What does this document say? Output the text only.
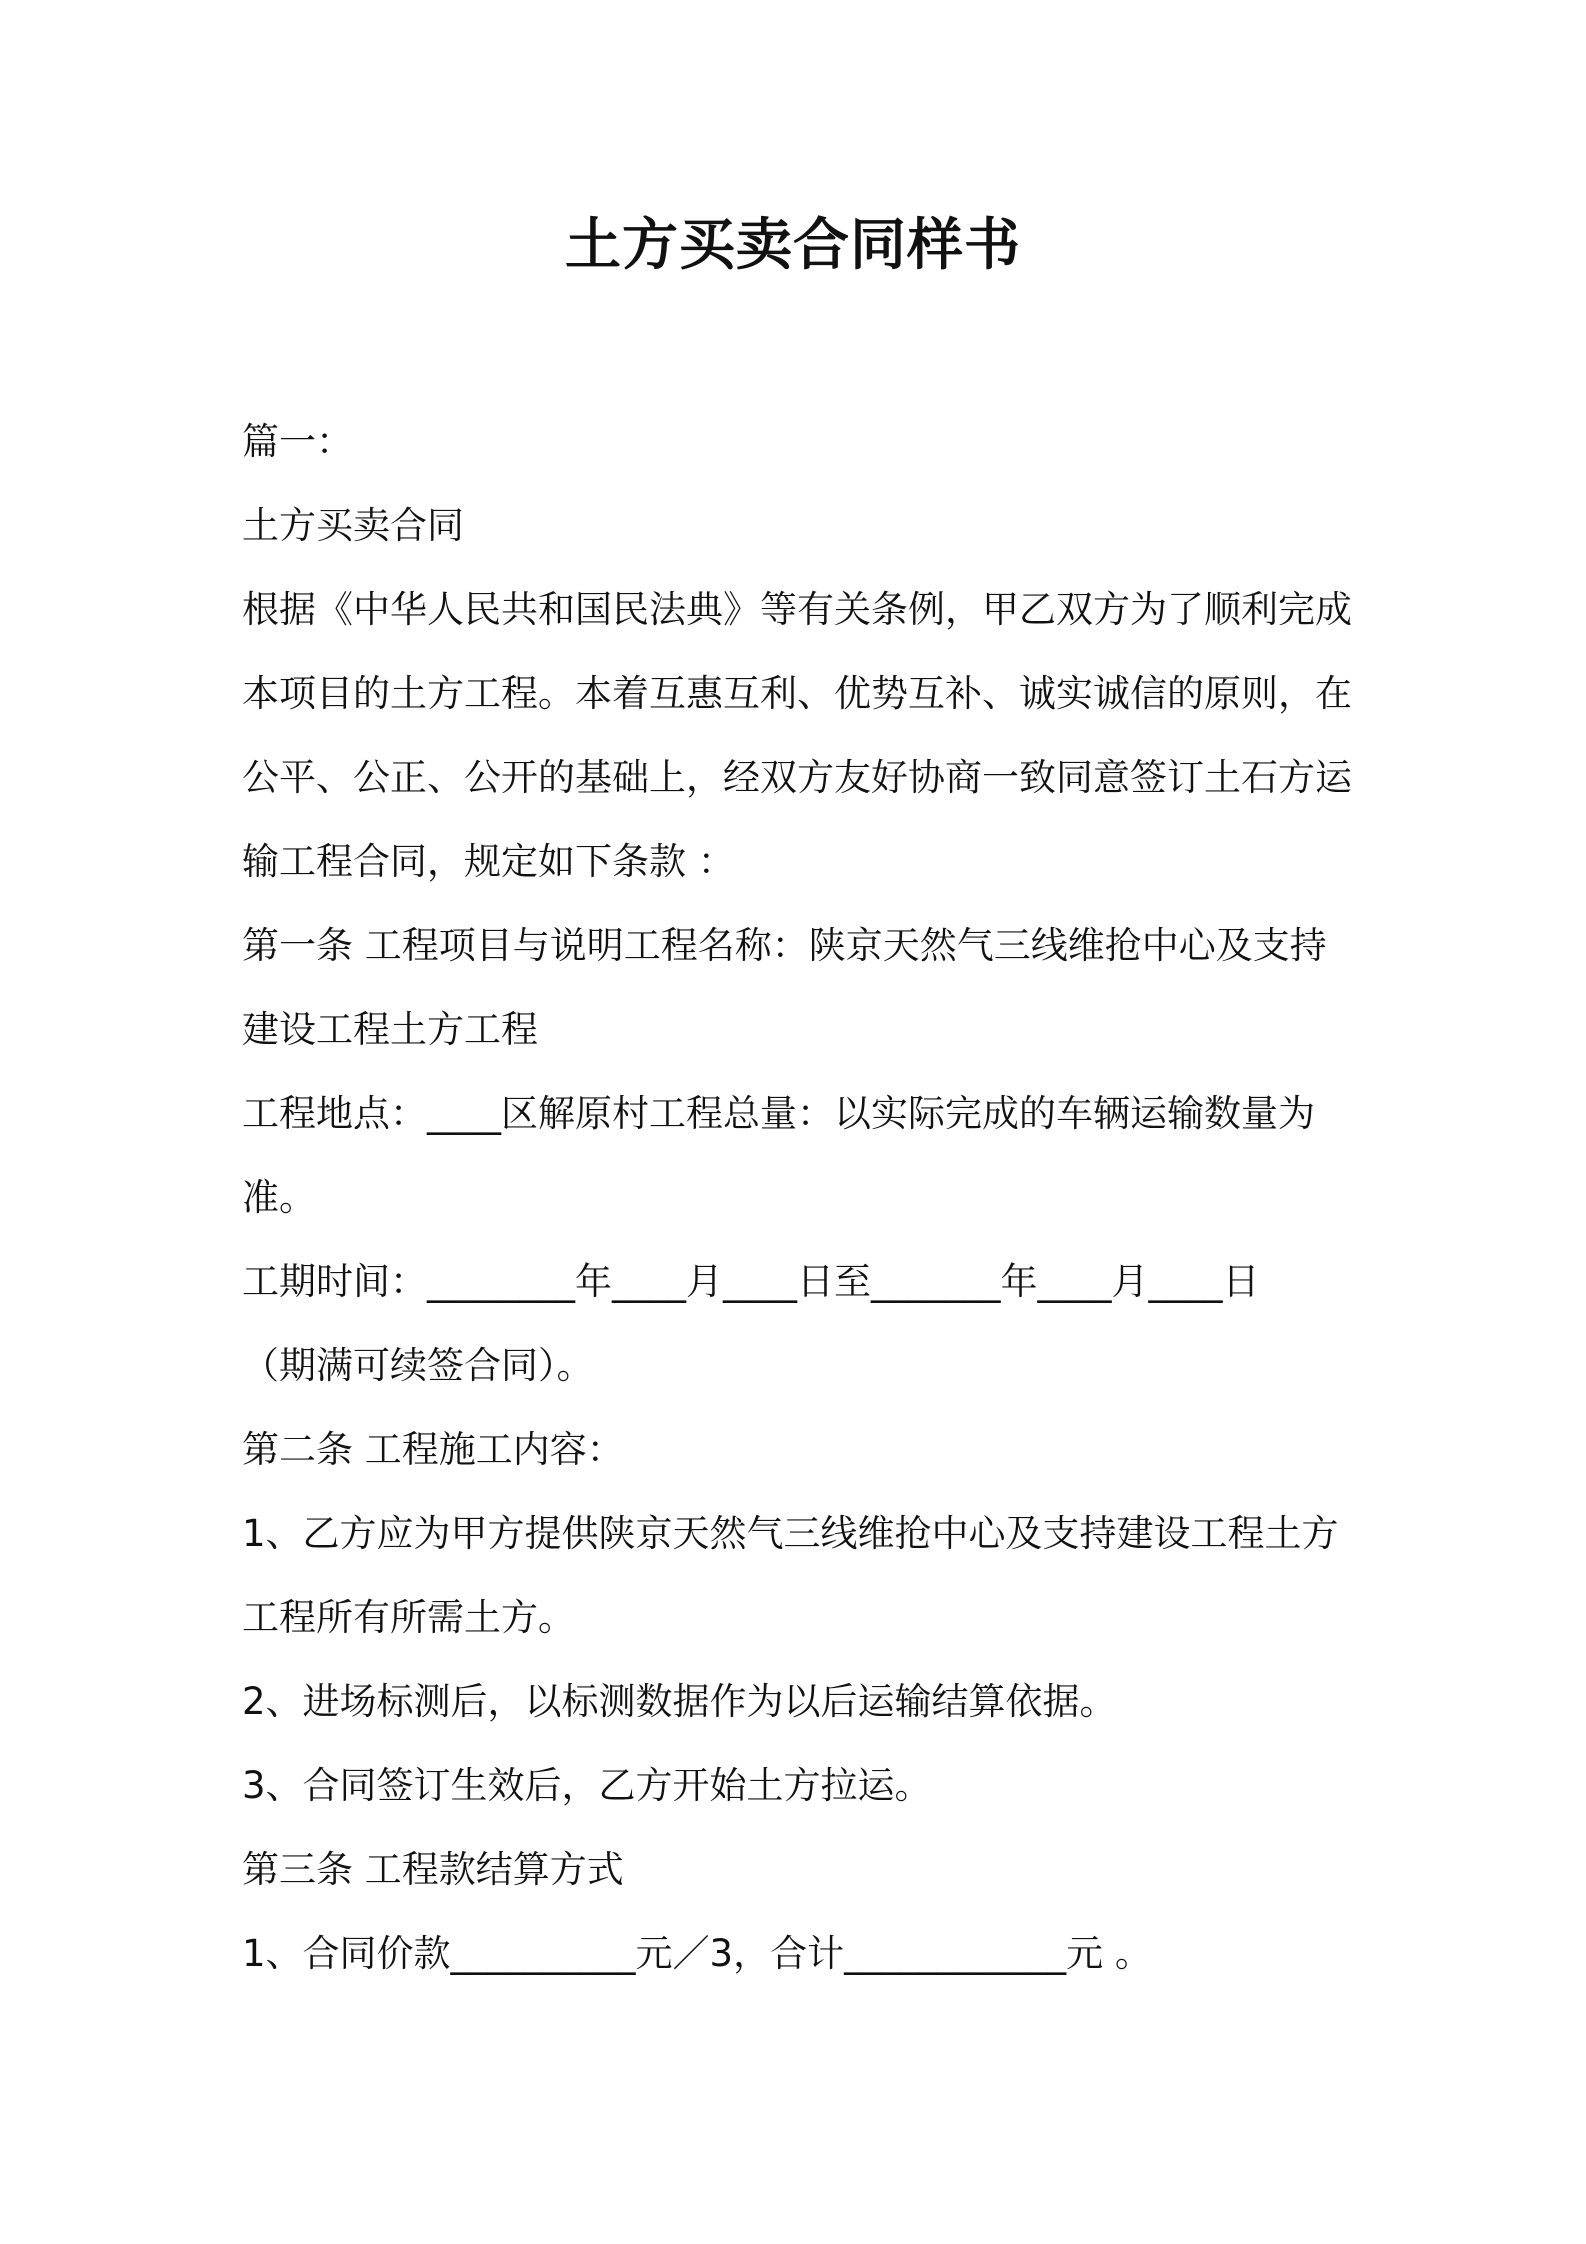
土方买卖合同样书
篇一：
土方买卖合同
根据《中华人民共和国民法典》等有关条例，甲乙双方为了顺利完成
本项目的土方工程。本着互惠互利、优势互补、诚实诚信的原则，在
公平、公正、公开的基础上，经双方友好协商一致同意签订土石方运
输工程合同，规定如下条款 ：
第一条 工程项目与说明工程名称：陕京天然气三线维抢中心及支持
建设工程土方工程
工程地点：____区解原村工程总量：以实际完成的车辆运输数量为
准。
工期时间：________年____月____日至_______年____月____日
（期满可续签合同）。
第二条 工程施工内容：
1、乙方应为甲方提供陕京天然气三线维抢中心及支持建设工程土方
工程所有所需土方。
2、进场标测后，以标测数据作为以后运输结算依据。
3、合同签订生效后，乙方开始土方拉运。
第三条 工程款结算方式
1、合同价款__________元／3，合计____________元 。
